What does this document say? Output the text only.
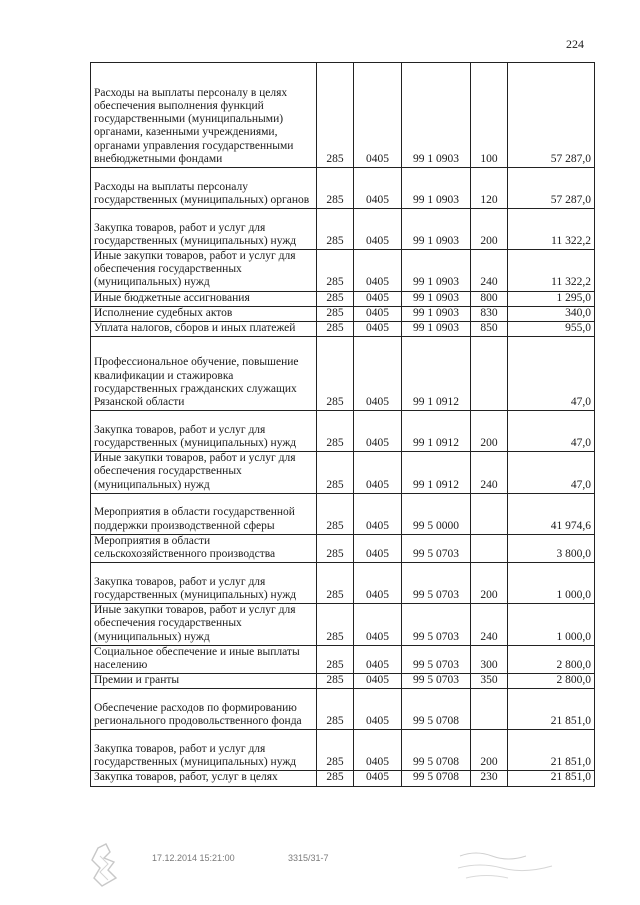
224
Расходы на выплаты персоналу в целях обеспечения выполнения функций государственными (муниципальными) органами, казенными учреждениями, органами управления государственными внебюджетными фондами	285	0405	99 1 0903	100	57 287,0
Расходы на выплаты персоналу государственных (муниципальных) органов	285	0405	99 1 0903	120	57 287,0
Закупка товаров, работ и услуг для государственных (муниципальных) нужд	285	0405	99 1 0903	200	11 322,2
Иные закупки товаров, работ и услуг для обеспечения государственных (муниципальных) нужд	285	0405	99 1 0903	240	11 322,2
Иные бюджетные ассигнования	285	0405	99 1 0903	800	1 295,0
Исполнение судебных актов	285	0405	99 1 0903	830	340,0
Уплата налогов, сборов и иных платежей	285	0405	99 1 0903	850	955,0
Профессиональное обучение, повышение квалификации и стажировка государственных гражданских служащих Рязанской области	285	0405	99 1 0912		47,0
Закупка товаров, работ и услуг для государственных (муниципальных) нужд	285	0405	99 1 0912	200	47,0
Иные закупки товаров, работ и услуг для обеспечения государственных (муниципальных) нужд	285	0405	99 1 0912	240	47,0
Мероприятия в области государственной поддержки производственной сферы	285	0405	99 5 0000		41 974,6
Мероприятия в области сельскохозяйственного производства	285	0405	99 5 0703		3 800,0
Закупка товаров, работ и услуг для государственных (муниципальных) нужд	285	0405	99 5 0703	200	1 000,0
Иные закупки товаров, работ и услуг для обеспечения государственных (муниципальных) нужд	285	0405	99 5 0703	240	1 000,0
Социальное обеспечение и иные выплаты населению	285	0405	99 5 0703	300	2 800,0
Премии и гранты	285	0405	99 5 0703	350	2 800,0
Обеспечение расходов по формированию регионального продовольственного фонда	285	0405	99 5 0708		21 851,0
Закупка товаров, работ и услуг для государственных (муниципальных) нужд	285	0405	99 5 0708	200	21 851,0
Закупка товаров, работ, услуг в целях	285	0405	99 5 0708	230	21 851,0
17.12.2014 15:21:00	3315/31-7
